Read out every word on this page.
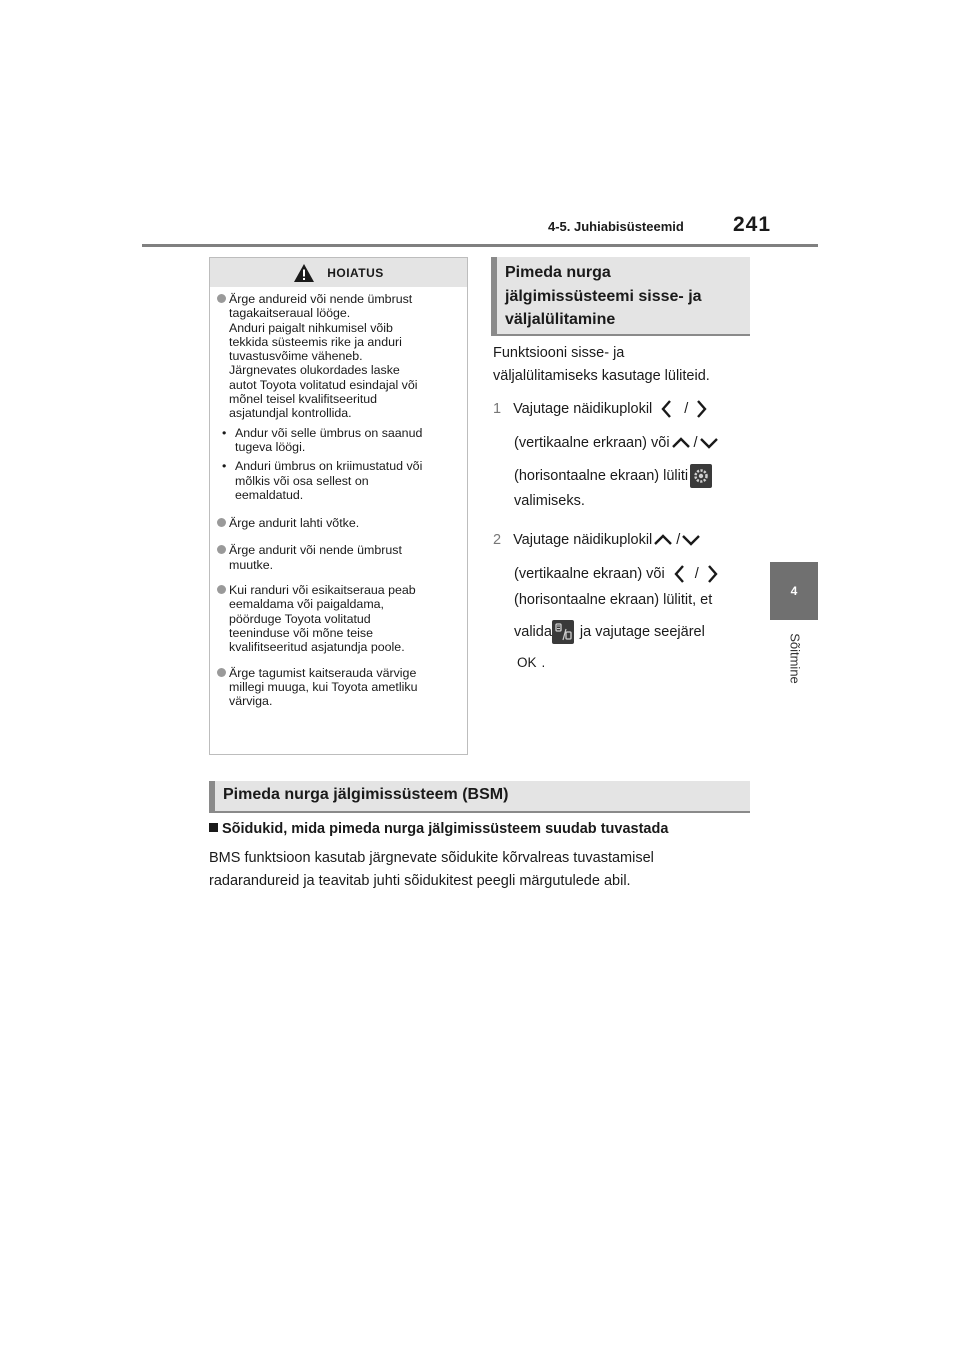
4-5. Juhiabisüsteemid 241
4
Sõitmine
HOIATUS
Ärge andureid või nende ümbrust
tagakaitseraual lööge.
Anduri paigalt nihkumisel võib
tekkida süsteemis rike ja anduri
tuvastusvõime väheneb.
Järgnevates olukordades laske
autot Toyota volitatud esindajal või
mõnel teisel kvalifitseeritud
asjatundjal kontrollida.
• Andur või selle ümbrus on saanud
tugeva löögi.
• Anduri ümbrus on kriimustatud või
mõlkis või osa sellest on
eemaldatud.
Ärge andurit lahti võtke.
Ärge andurit või nende ümbrust
muutke.
Kui randuri või esikaitseraua peab
eemaldama või paigaldama,
pöörduge Toyota volitatud
teeninduse või mõne teise
kvalifitseeritud asjatundja poole.
Ärge tagumist kaitserauda värvige
millegi muuga, kui Toyota ametliku
värviga.
Pimeda nurga
jälgimissüsteemi sisse- ja
väljalülitamine
Funktsiooni sisse- ja
väljalülitamiseks kasutage lüliteid.
1 Vajutage näidikuplokil /
(vertikaalne erkraan) või /
(horisontaalne ekraan) lüliti
valimiseks.
2 Vajutage näidikuplokil /
(vertikaalne ekraan) või /
(horisontaalne ekraan) lülitit, et
valida ja vajutage seejärel
OK .
Pimeda nurga jälgimissüsteem (BSM)
Sõidukid, mida pimeda nurga jälgimissüsteem suudab tuvastada
BMS funktsioon kasutab järgnevate sõidukite kõrvalreas tuvastamisel
radarandureid ja teavitab juhti sõidukitest peegli märgutulede abil.
